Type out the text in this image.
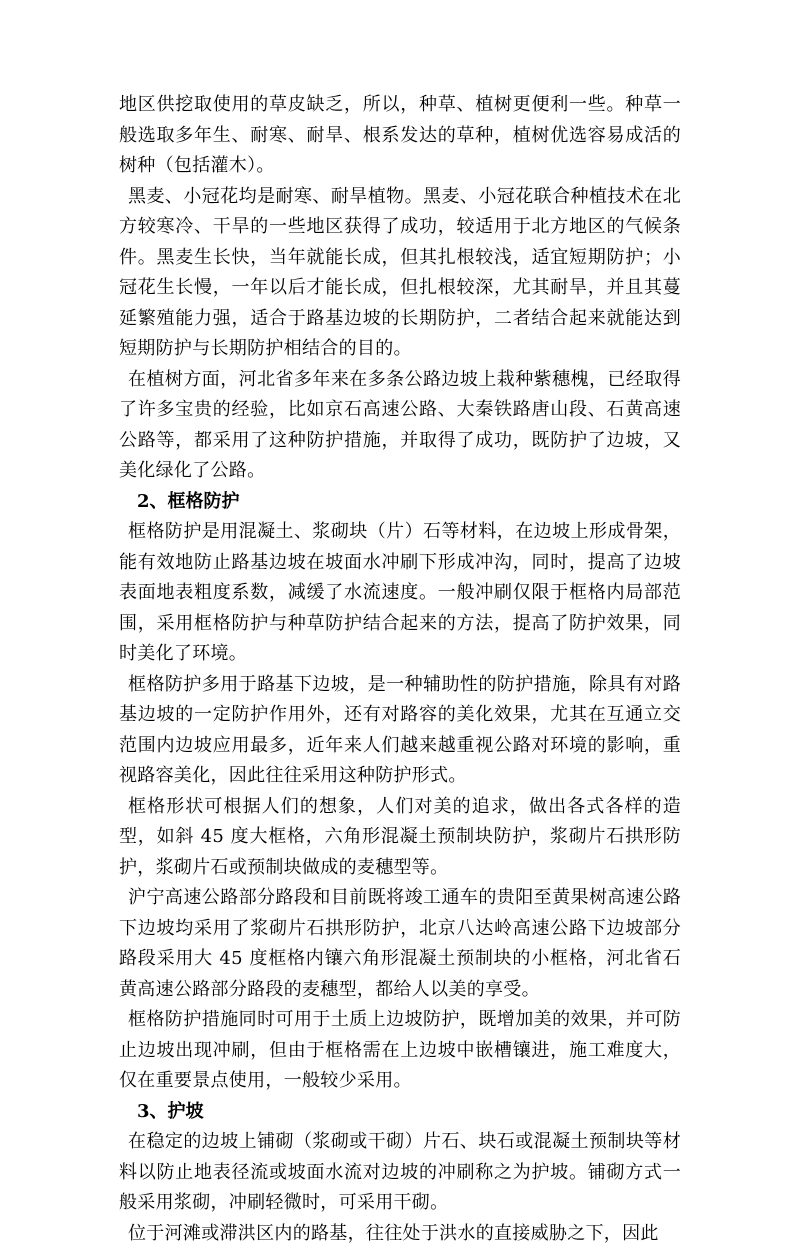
地区供挖取使用的草皮缺乏，所以，种草、植树更便利一些。种草一般选取多年生、耐寒、耐旱、根系发达的草种，植树优选容易成活的树种（包括灌木）。

黑麦、小冠花均是耐寒、耐旱植物。黑麦、小冠花联合种植技术在北方较寒冷、干旱的一些地区获得了成功，较适用于北方地区的气候条件。黑麦生长快，当年就能长成，但其扎根较浅，适宜短期防护；小冠花生长慢，一年以后才能长成，但扎根较深，尤其耐旱，并且其蔓延繁殖能力强，适合于路基边坡的长期防护，二者结合起来就能达到短期防护与长期防护相结合的目的。

在植树方面，河北省多年来在多条公路边坡上栽种紫穗槐，已经取得了许多宝贵的经验，比如京石高速公路、大秦铁路唐山段、石黄高速公路等，都采用了这种防护措施，并取得了成功，既防护了边坡，又美化绿化了公路。

2、框格防护

框格防护是用混凝土、浆砌块（片）石等材料，在边坡上形成骨架，能有效地防止路基边坡在坡面水冲刷下形成冲沟，同时，提高了边坡表面地表粗度系数，减缓了水流速度。一般冲刷仅限于框格内局部范围，采用框格防护与种草防护结合起来的方法，提高了防护效果，同时美化了环境。

框格防护多用于路基下边坡，是一种辅助性的防护措施，除具有对路基边坡的一定防护作用外，还有对路容的美化效果，尤其在互通立交范围内边坡应用最多，近年来人们越来越重视公路对环境的影响，重视路容美化，因此往往采用这种防护形式。

框格形状可根据人们的想象，人们对美的追求，做出各式各样的造型，如斜 45 度大框格，六角形混凝土预制块防护，浆砌片石拱形防护，浆砌片石或预制块做成的麦穗型等。

沪宁高速公路部分路段和目前既将竣工通车的贵阳至黄果树高速公路下边坡均采用了浆砌片石拱形防护，北京八达岭高速公路下边坡部分路段采用大 45 度框格内镶六角形混凝土预制块的小框格，河北省石黄高速公路部分路段的麦穗型，都给人以美的享受。

框格防护措施同时可用于土质上边坡防护，既增加美的效果，并可防止边坡出现冲刷，但由于框格需在上边坡中嵌槽镶进，施工难度大，仅在重要景点使用，一般较少采用。

3、护坡

在稳定的边坡上铺砌（浆砌或干砌）片石、块石或混凝土预制块等材料以防止地表径流或坡面水流对边坡的冲刷称之为护坡。铺砌方式一般采用浆砌，冲刷轻微时，可采用干砌。

位于河滩或滞洪区内的路基，往往处于洪水的直接威胁之下，因此
